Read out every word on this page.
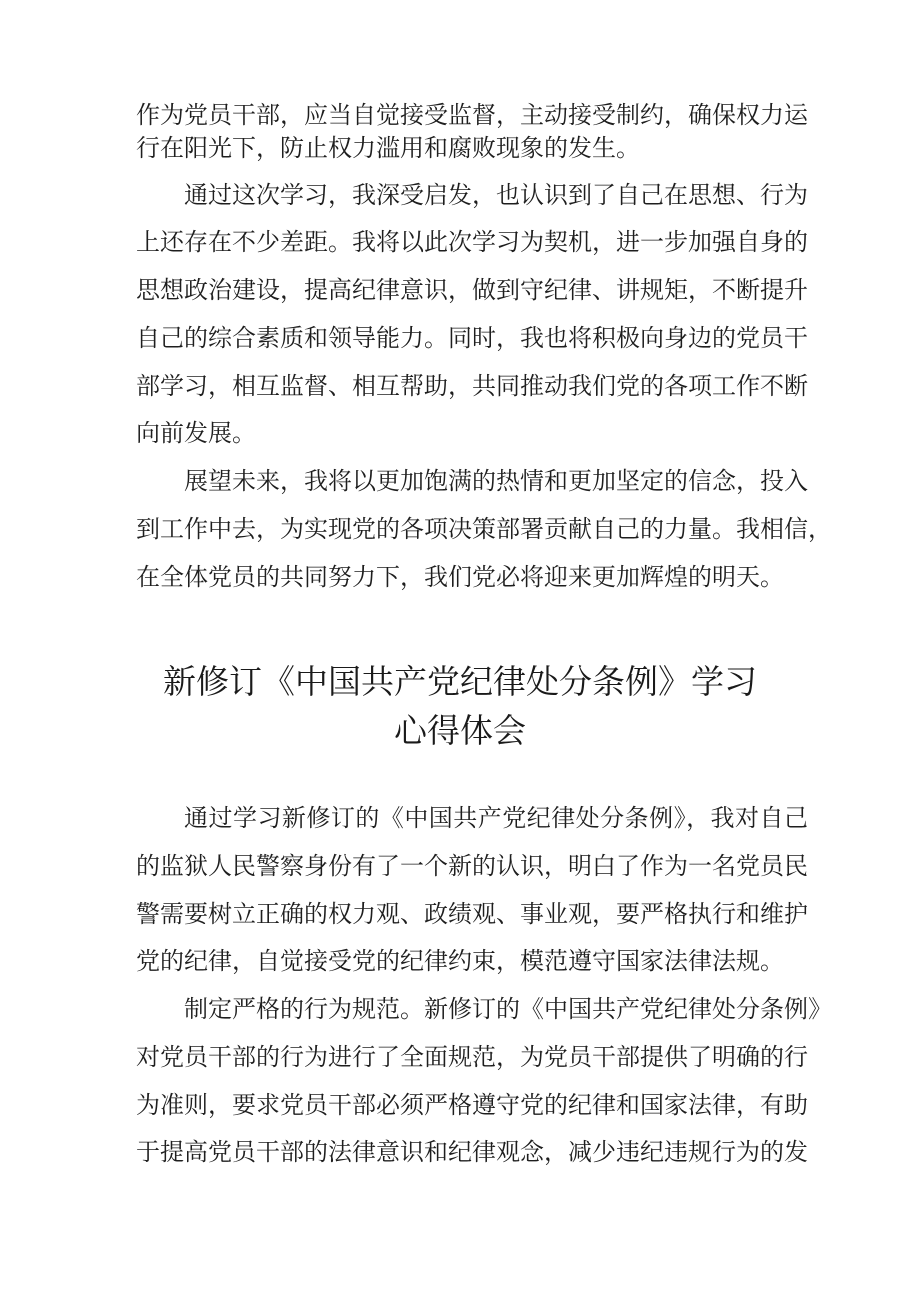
作为党员干部，应当自觉接受监督，主动接受制约，确保权力运
行在阳光下，防止权力滥用和腐败现象的发生。
通过这次学习，我深受启发，也认识到了自己在思想、行为
上还存在不少差距。我将以此次学习为契机，进一步加强自身的
思想政治建设，提高纪律意识，做到守纪律、讲规矩，不断提升
自己的综合素质和领导能力。同时，我也将积极向身边的党员干
部学习，相互监督、相互帮助，共同推动我们党的各项工作不断
向前发展。
展望未来，我将以更加饱满的热情和更加坚定的信念，投入
到工作中去，为实现党的各项决策部署贡献自己的力量。我相信，
在全体党员的共同努力下，我们党必将迎来更加辉煌的明天。
新修订《中国共产党纪律处分条例》学习
心得体会
通过学习新修订的《中国共产党纪律处分条例》，我对自己
的监狱人民警察身份有了一个新的认识，明白了作为一名党员民
警需要树立正确的权力观、政绩观、事业观，要严格执行和维护
党的纪律，自觉接受党的纪律约束，模范遵守国家法律法规。
制定严格的行为规范。新修订的《中国共产党纪律处分条例》
对党员干部的行为进行了全面规范，为党员干部提供了明确的行
为准则，要求党员干部必须严格遵守党的纪律和国家法律，有助
于提高党员干部的法律意识和纪律观念，减少违纪违规行为的发
